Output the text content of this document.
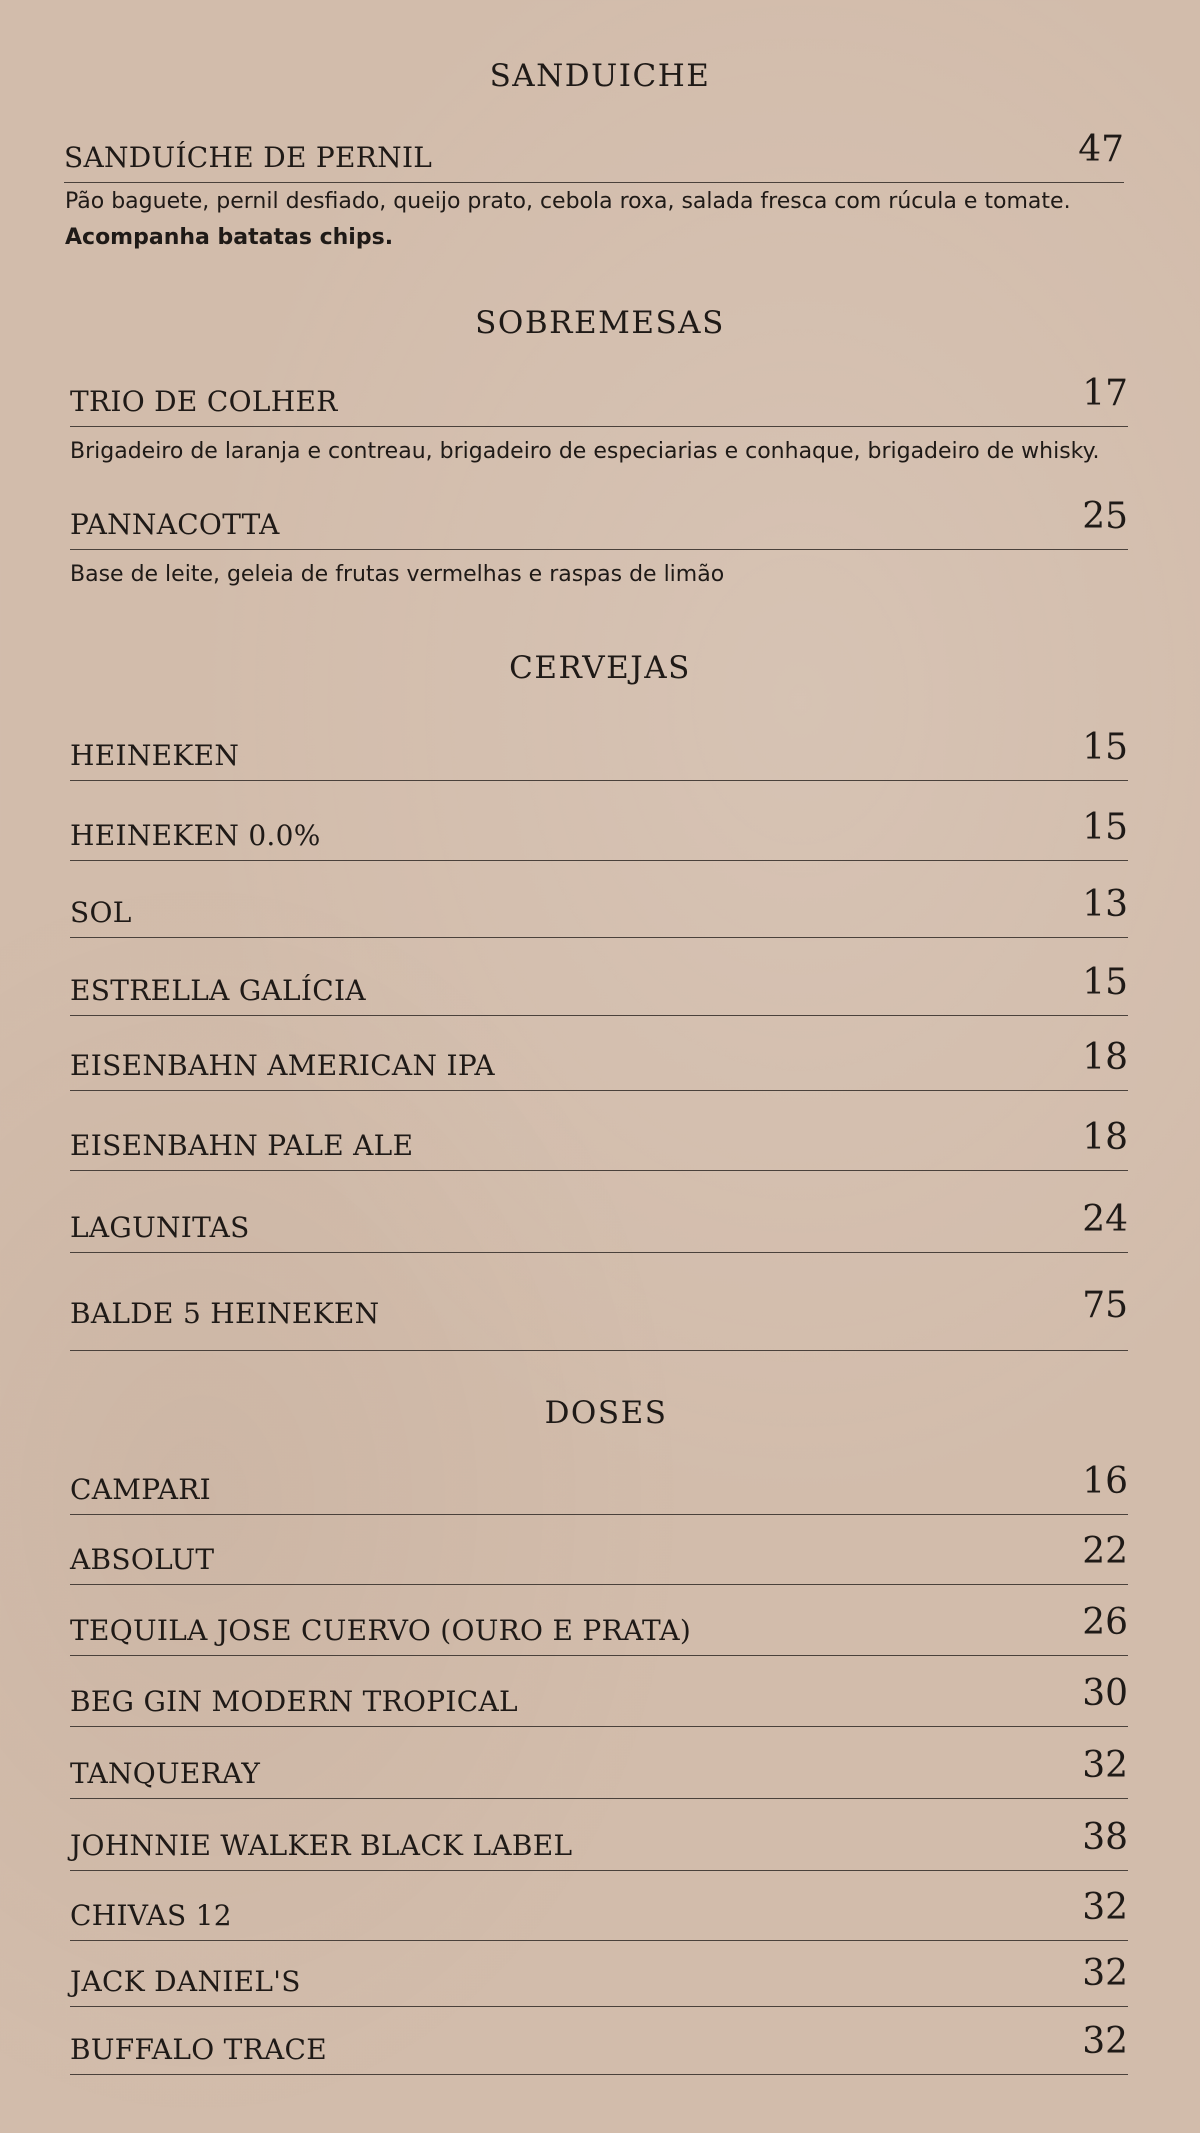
SANDUICHE
SANDUÍCHE DE PERNIL	47
Pão baguete, pernil desfiado, queijo prato, cebola roxa, salada fresca com rúcula e tomate.
Acompanha batatas chips.
SOBREMESAS
TRIO DE COLHER	17
Brigadeiro de laranja e contreau, brigadeiro de especiarias e conhaque, brigadeiro de whisky.
PANNACOTTA	25
Base de leite, geleia de frutas vermelhas e raspas de limão
CERVEJAS
HEINEKEN	15
HEINEKEN 0.0%	15
SOL	13
ESTRELLA GALÍCIA	15
EISENBAHN AMERICAN IPA	18
EISENBAHN PALE ALE	18
LAGUNITAS	24
BALDE 5 HEINEKEN	75
DOSES
CAMPARI	16
ABSOLUT	22
TEQUILA JOSE CUERVO (OURO E PRATA)	26
BEG GIN MODERN TROPICAL	30
TANQUERAY	32
JOHNNIE WALKER BLACK LABEL	38
CHIVAS 12	32
JACK DANIEL'S	32
BUFFALO TRACE	32
